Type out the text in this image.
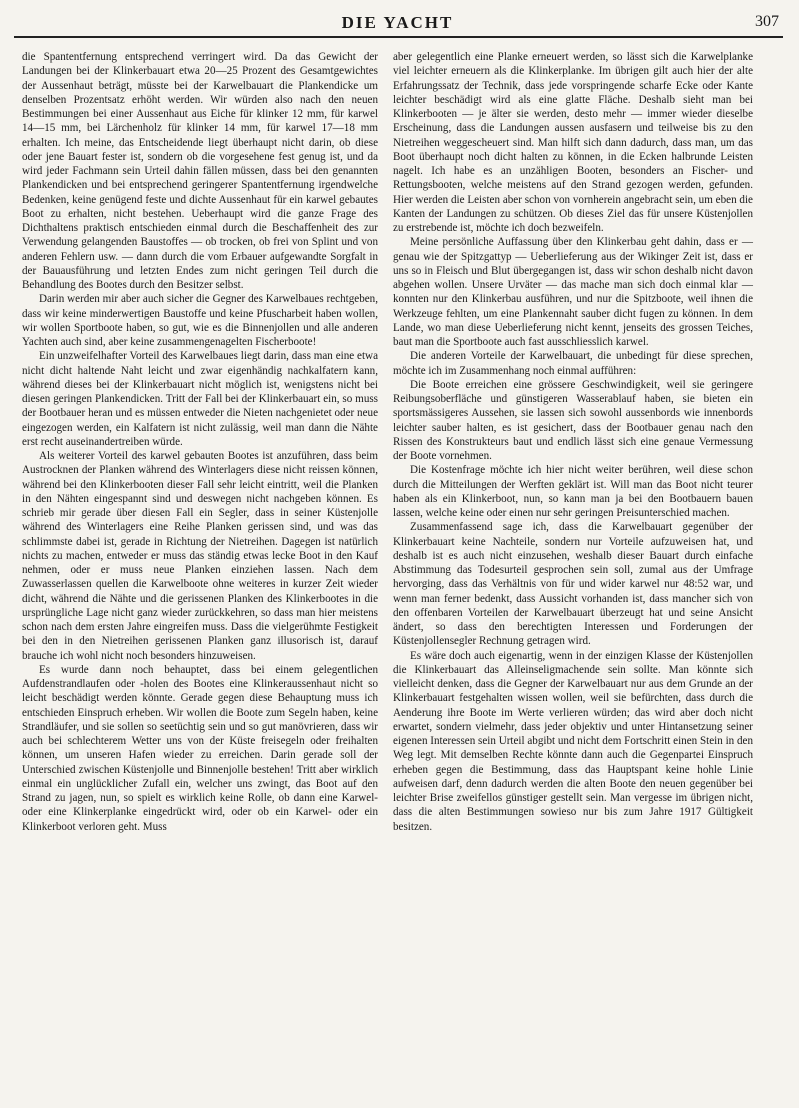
DIE YACHT	307

die Spantentfernung entsprechend verringert wird. Da das Gewicht der Landungen bei der Klinkerbauart etwa 20—25 Prozent des Gesamtgewichtes der Aussenhaut beträgt, müsste bei der Karwelbauart die Plankendicke um denselben Prozentsatz erhöht werden. Wir würden also nach den neuen Bestimmungen bei einer Aussenhaut aus Eiche für klinker 12 mm, für karwel 14—15 mm, bei Lärchenholz für klinker 14 mm, für karwel 17—18 mm erhalten. Ich meine, das Entscheidende liegt überhaupt nicht darin, ob diese oder jene Bauart fester ist, sondern ob die vorgesehene fest genug ist, und da wird jeder Fachmann sein Urteil dahin fällen müssen, dass bei den genannten Plankendicken und bei entsprechend geringerer Spantentfernung irgendwelche Bedenken, keine genügend feste und dichte Aussenhaut für ein karwel gebautes Boot zu erhalten, nicht bestehen. Ueberhaupt wird die ganze Frage des Dichthaltens praktisch entschieden einmal durch die Beschaffenheit des zur Verwendung gelangenden Baustoffes — ob trocken, ob frei von Splint und von anderen Fehlern usw. — dann durch die vom Erbauer aufgewandte Sorgfalt in der Bauausführung und letzten Endes zum nicht geringen Teil durch die Behandlung des Bootes durch den Besitzer selbst.

Darin werden mir aber auch sicher die Gegner des Karwelbaues rechtgeben, dass wir keine minderwertigen Baustoffe und keine Pfuscharbeit haben wollen, wir wollen Sportboote haben, so gut, wie es die Binnenjollen und alle anderen Yachten auch sind, aber keine zusammengenagelten Fischerboote!

Ein unzweifelhafter Vorteil des Karwelbaues liegt darin, dass man eine etwa nicht dicht haltende Naht leicht und zwar eigenhändig nachkalfatern kann, während dieses bei der Klinkerbauart nicht möglich ist, wenigstens nicht bei diesen geringen Plankendicken. Tritt der Fall bei der Klinkerbauart ein, so muss der Bootbauer heran und es müssen entweder die Nieten nachgenietet oder neue eingezogen werden, ein Kalfatern ist nicht zulässig, weil man dann die Nähte erst recht auseinandertreiben würde.

Als weiterer Vorteil des karwel gebauten Bootes ist anzuführen, dass beim Austrocknen der Planken während des Winterlagers diese nicht reissen können, während bei den Klinkerbooten dieser Fall sehr leicht eintritt, weil die Planken in den Nähten eingespannt sind und deswegen nicht nachgeben können. Es schrieb mir gerade über diesen Fall ein Segler, dass in seiner Küstenjolle während des Winterlagers eine Reihe Planken gerissen sind, und was das schlimmste dabei ist, gerade in Richtung der Nietreihen. Dagegen ist natürlich nichts zu machen, entweder er muss das ständig etwas lecke Boot in den Kauf nehmen, oder er muss neue Planken einziehen lassen. Nach dem Zuwasserlassen quellen die Karwelboote ohne weiteres in kurzer Zeit wieder dicht, während die Nähte und die gerissenen Planken des Klinkerbootes in die ursprüngliche Lage nicht ganz wieder zurückkehren, so dass man hier meistens schon nach dem ersten Jahre eingreifen muss. Dass die vielgerühmte Festigkeit bei den in den Nietreihen gerissenen Planken ganz illusorisch ist, darauf brauche ich wohl nicht noch besonders hinzuweisen.

Es wurde dann noch behauptet, dass bei einem gelegentlichen Aufdenstrandlaufen oder -holen des Bootes eine Klinkeraussenhaut nicht so leicht beschädigt werden könnte. Gerade gegen diese Behauptung muss ich entschieden Einspruch erheben. Wir wollen die Boote zum Segeln haben, keine Strandläufer, und sie sollen so seetüchtig sein und so gut manövrieren, dass wir auch bei schlechterem Wetter uns von der Küste freisegeln oder freihalten können, um unseren Hafen wieder zu erreichen. Darin gerade soll der Unterschied zwischen Küstenjolle und Binnenjolle bestehen! Tritt aber wirklich einmal ein unglücklicher Zufall ein, welcher uns zwingt, das Boot auf den Strand zu jagen, nun, so spielt es wirklich keine Rolle, ob dann eine Karwel- oder eine Klinkerplanke eingedrückt wird, oder ob ein Karwel- oder ein Klinkerboot verloren geht. Muss

aber gelegentlich eine Planke erneuert werden, so lässt sich die Karwelplanke viel leichter erneuern als die Klinkerplanke. Im übrigen gilt auch hier der alte Erfahrungssatz der Technik, dass jede vorspringende scharfe Ecke oder Kante leichter beschädigt wird als eine glatte Fläche. Deshalb sieht man bei Klinkerbooten — je älter sie werden, desto mehr — immer wieder dieselbe Erscheinung, dass die Landungen aussen ausfasern und teilweise bis zu den Nietreihen weggescheuert sind. Man hilft sich dann dadurch, dass man, um das Boot überhaupt noch dicht halten zu können, in die Ecken halbrunde Leisten nagelt. Ich habe es an unzähligen Booten, besonders an Fischer- und Rettungsbooten, welche meistens auf den Strand gezogen werden, gefunden. Hier werden die Leisten aber schon von vornherein angebracht sein, um eben die Kanten der Landungen zu schützen. Ob dieses Ziel das für unsere Küstenjollen zu erstrebende ist, möchte ich doch bezweifeln.

Meine persönliche Auffassung über den Klinkerbau geht dahin, dass er — genau wie der Spitzgattyp — Ueberlieferung aus der Wikinger Zeit ist, dass er uns so in Fleisch und Blut übergegangen ist, dass wir schon deshalb nicht davon abgehen wollen. Unsere Urväter — das mache man sich doch einmal klar — konnten nur den Klinkerbau ausführen, und nur die Spitzboote, weil ihnen die Werkzeuge fehlten, um eine Plankennaht sauber dicht fugen zu können. In dem Lande, wo man diese Ueberlieferung nicht kennt, jenseits des grossen Teiches, baut man die Sportboote auch fast ausschliesslich karwel.

Die anderen Vorteile der Karwelbauart, die unbedingt für diese sprechen, möchte ich im Zusammenhang noch einmal aufführen:

Die Boote erreichen eine grössere Geschwindigkeit, weil sie geringere Reibungsoberfläche und günstigeren Wasserablauf haben, sie bieten ein sportsmässigeres Aussehen, sie lassen sich sowohl aussenbords wie innenbords leichter sauber halten, es ist gesichert, dass der Bootbauer genau nach den Rissen des Konstrukteurs baut und endlich lässt sich eine genaue Vermessung der Boote vornehmen.

Die Kostenfrage möchte ich hier nicht weiter berühren, weil diese schon durch die Mitteilungen der Werften geklärt ist. Will man das Boot nicht teurer haben als ein Klinkerboot, nun, so kann man ja bei den Bootbauern bauen lassen, welche keine oder einen nur sehr geringen Preisunterschied machen.

Zusammenfassend sage ich, dass die Karwelbauart gegenüber der Klinkerbauart keine Nachteile, sondern nur Vorteile aufzuweisen hat, und deshalb ist es auch nicht einzusehen, weshalb dieser Bauart durch einfache Abstimmung das Todesurteil gesprochen sein soll, zumal aus der Umfrage hervorging, dass das Verhältnis von für und wider karwel nur 48:52 war, und wenn man ferner bedenkt, dass Aussicht vorhanden ist, dass mancher sich von den offenbaren Vorteilen der Karwelbauart überzeugt hat und seine Ansicht ändert, so dass den berechtigten Interessen und Forderungen der Küstenjollensegler Rechnung getragen wird.

Es wäre doch auch eigenartig, wenn in der einzigen Klasse der Küstenjollen die Klinkerbauart das Alleinseligmachende sein sollte. Man könnte sich vielleicht denken, dass die Gegner der Karwelbauart nur aus dem Grunde an der Klinkerbauart festgehalten wissen wollen, weil sie befürchten, dass durch die Aenderung ihre Boote im Werte verlieren würden; das wird aber doch nicht erwartet, sondern vielmehr, dass jeder objektiv und unter Hintansetzung seiner eigenen Interessen sein Urteil abgibt und nicht dem Fortschritt einen Stein in den Weg legt. Mit demselben Rechte könnte dann auch die Gegenpartei Einspruch erheben gegen die Bestimmung, dass das Hauptspant keine hohle Linie aufweisen darf, denn dadurch werden die alten Boote den neuen gegenüber bei leichter Brise zweifellos günstiger gestellt sein. Man vergesse im übrigen nicht, dass die alten Bestimmungen sowieso nur bis zum Jahre 1917 Gültigkeit besitzen.
